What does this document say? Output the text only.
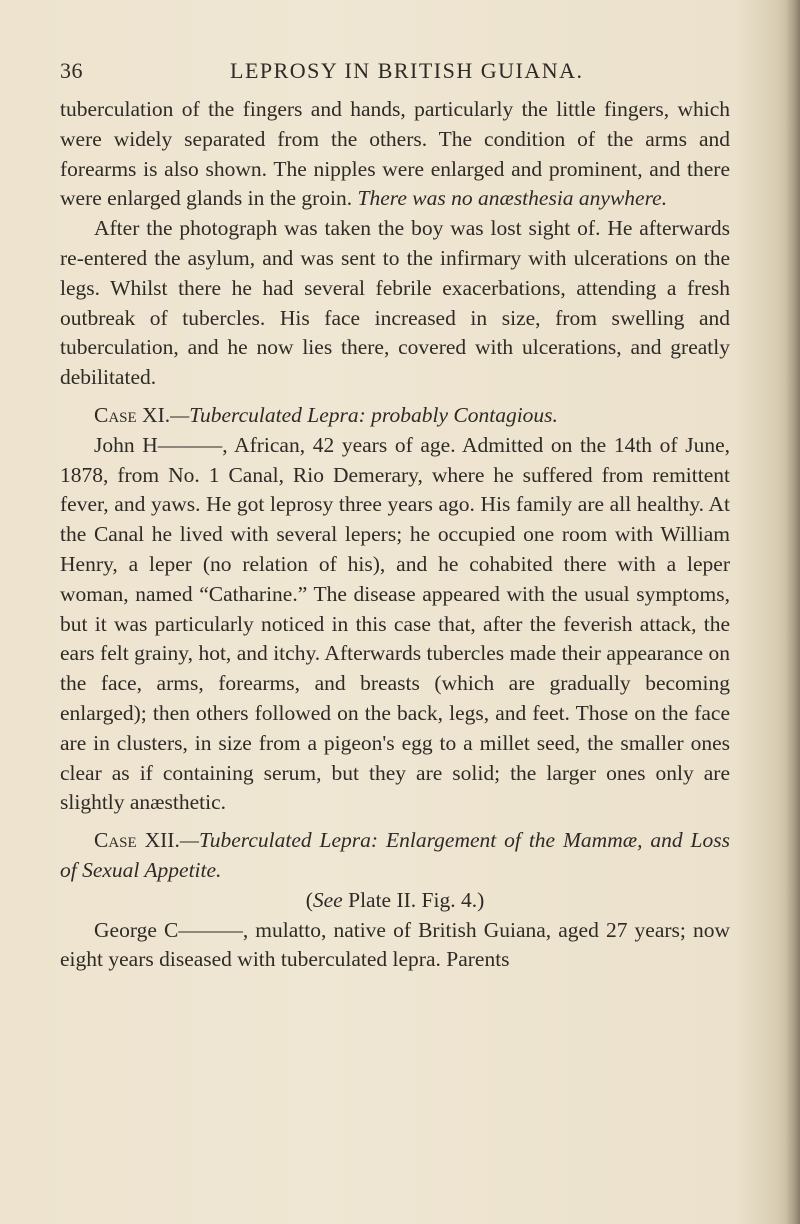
36	LEPROSY IN BRITISH GUIANA.

tuberculation of the fingers and hands, particularly the little fingers, which were widely separated from the others. The condition of the arms and forearms is also shown. The nipples were enlarged and prominent, and there were enlarged glands in the groin. There was no anæsthesia anywhere.

After the photograph was taken the boy was lost sight of. He afterwards re-entered the asylum, and was sent to the infirmary with ulcerations on the legs. Whilst there he had several febrile exacerbations, attending a fresh outbreak of tubercles. His face increased in size, from swelling and tuberculation, and he now lies there, covered with ulcerations, and greatly debilitated.

Case XI.—Tuberculated Lepra: probably Contagious.

John H———, African, 42 years of age. Admitted on the 14th of June, 1878, from No. 1 Canal, Rio Demerary, where he suffered from remittent fever, and yaws. He got leprosy three years ago. His family are all healthy. At the Canal he lived with several lepers; he occupied one room with William Henry, a leper (no relation of his), and he cohabited there with a leper woman, named “Catharine.” The disease appeared with the usual symptoms, but it was particularly noticed in this case that, after the feverish attack, the ears felt grainy, hot, and itchy. Afterwards tubercles made their appearance on the face, arms, forearms, and breasts (which are gradually becoming enlarged); then others followed on the back, legs, and feet. Those on the face are in clusters, in size from a pigeon's egg to a millet seed, the smaller ones clear as if containing serum, but they are solid; the larger ones only are slightly anæsthetic.

Case XII.—Tuberculated Lepra: Enlargement of the Mammæ, and Loss of Sexual Appetite.

(See Plate II. Fig. 4.)

George C———, mulatto, native of British Guiana, aged 27 years; now eight years diseased with tuberculated lepra. Parents
